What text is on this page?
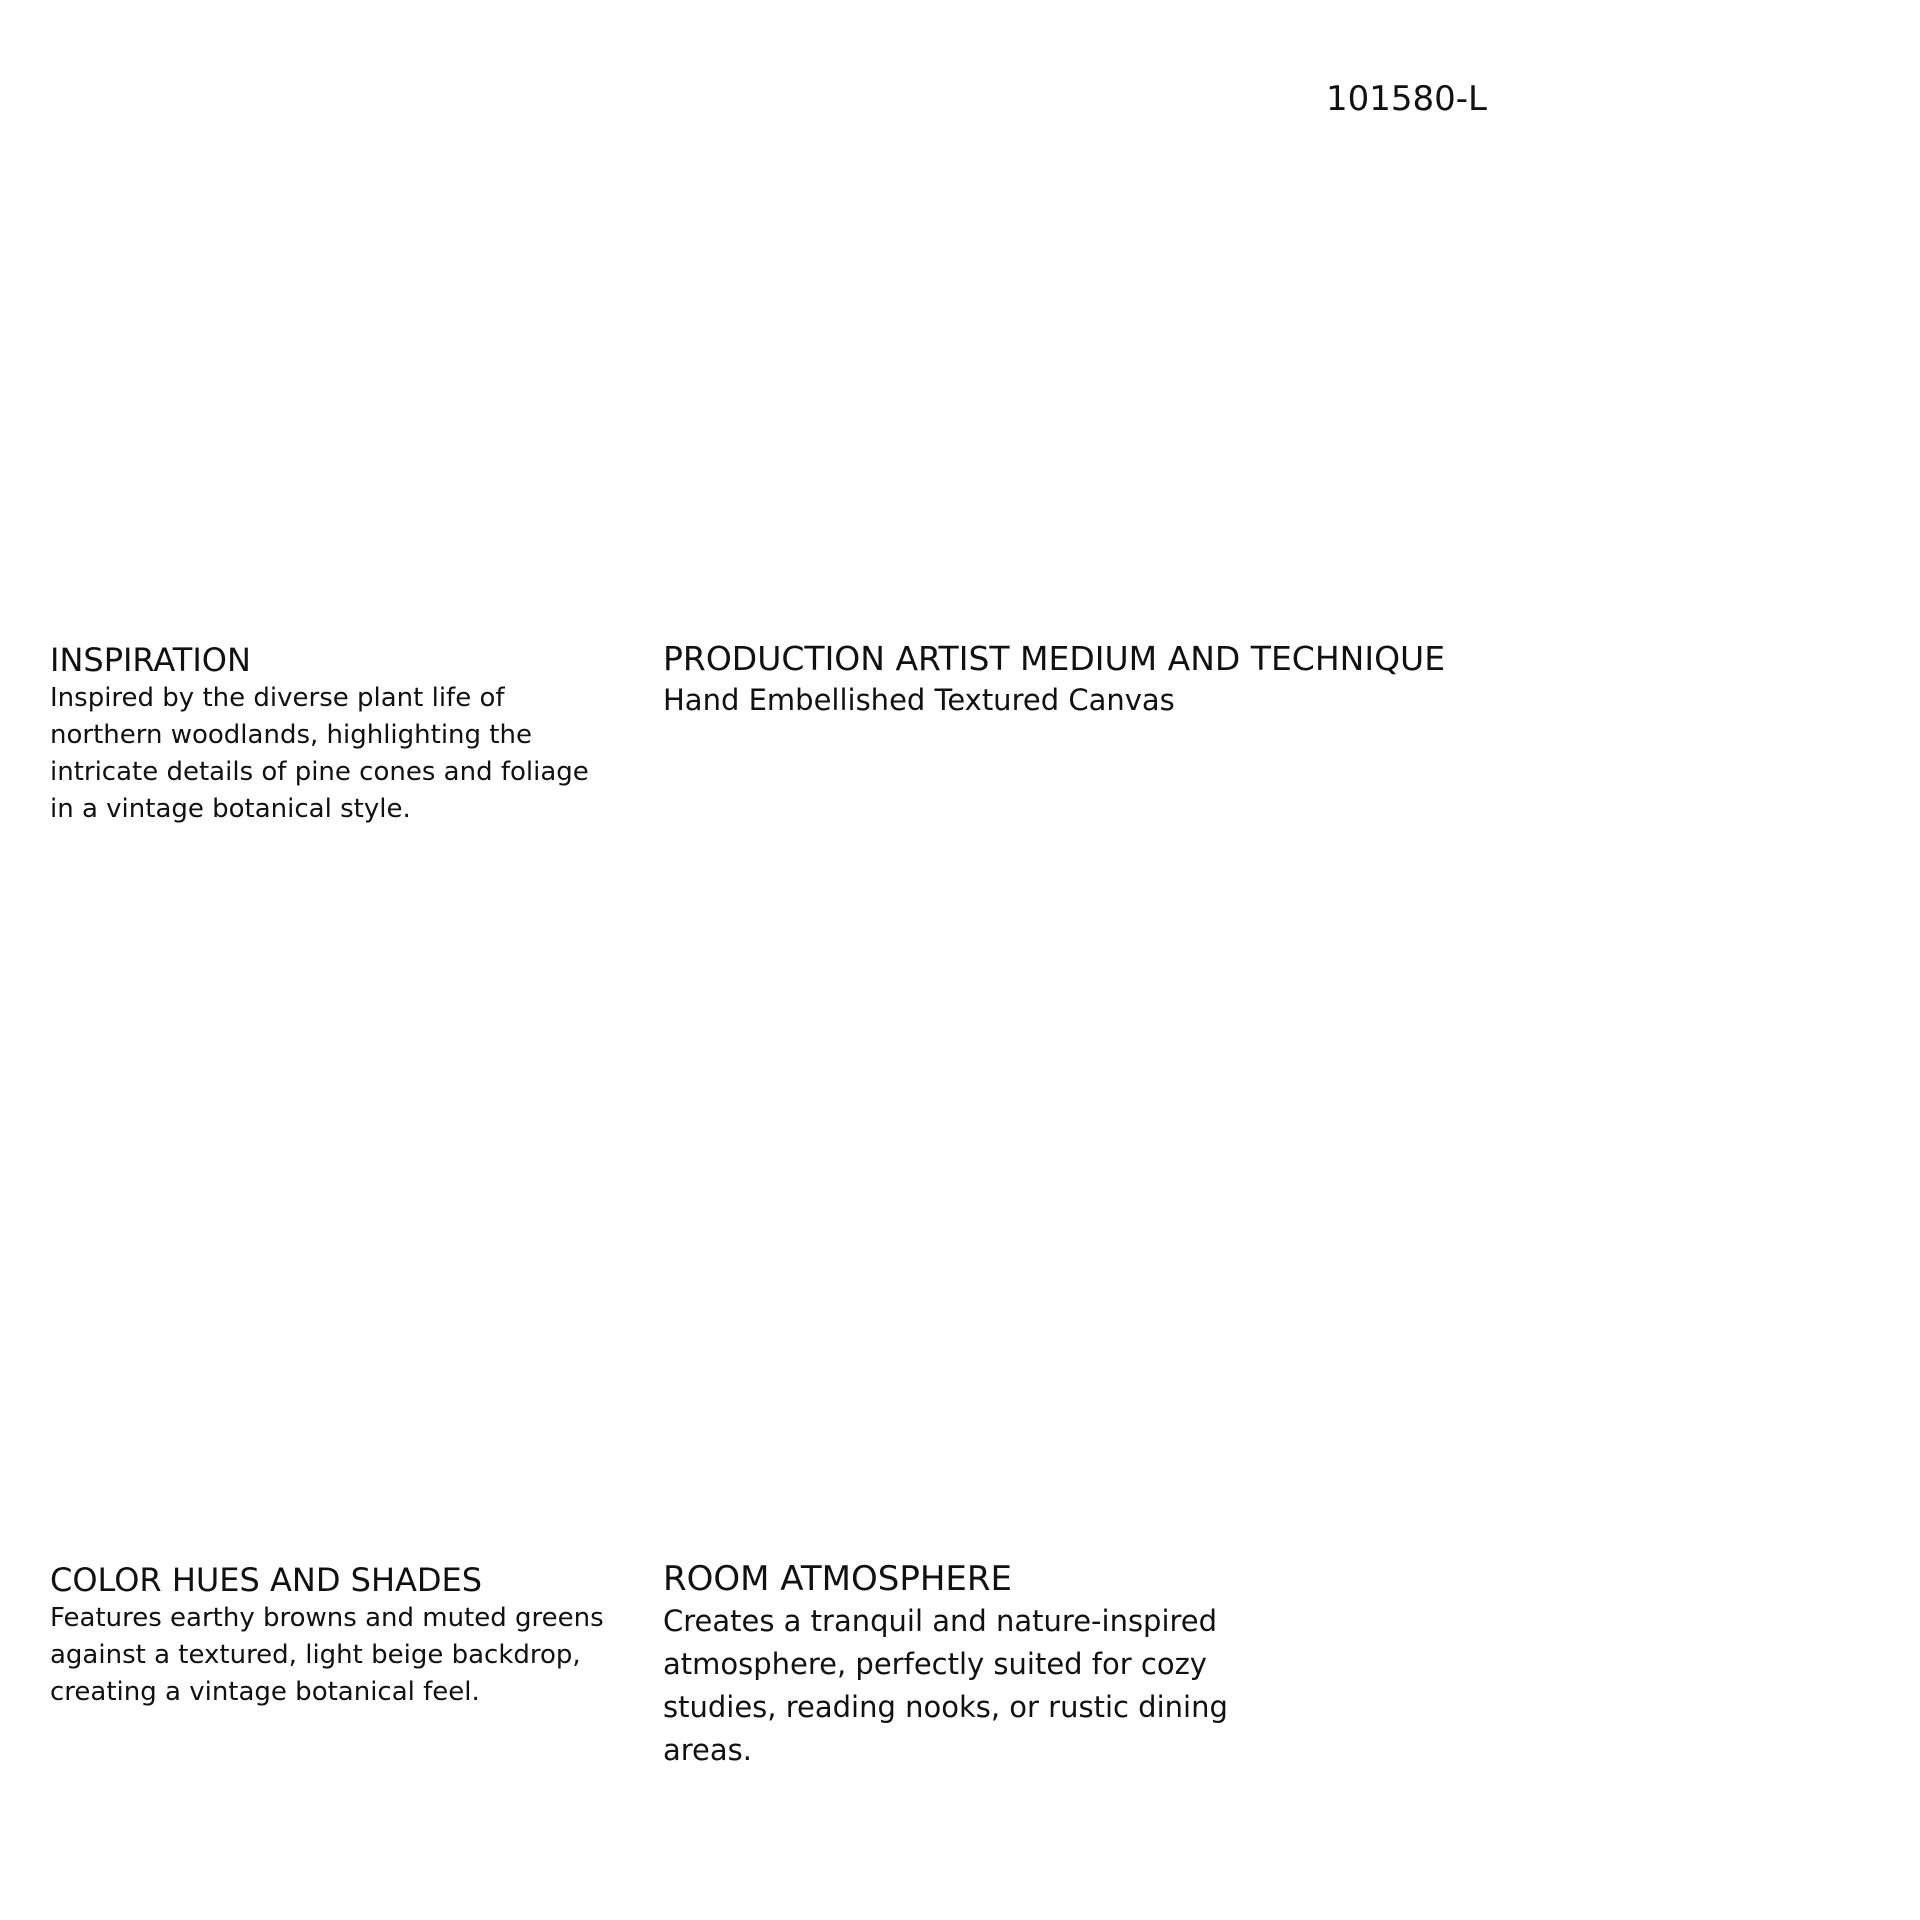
101580-L
INSPIRATION

Inspired by the diverse plant life of northern woodlands, highlighting the intricate details of pine cones and foliage in a vintage botanical style.

PRODUCTION ARTIST MEDIUM AND TECHNIQUE

Hand Embellished Textured Canvas

COLOR HUES AND SHADES

Features earthy browns and muted greens against a textured, light beige backdrop, creating a vintage botanical feel.

ROOM ATMOSPHERE

Creates a tranquil and nature-inspired atmosphere, perfectly suited for cozy studies, reading nooks, or rustic dining areas.
